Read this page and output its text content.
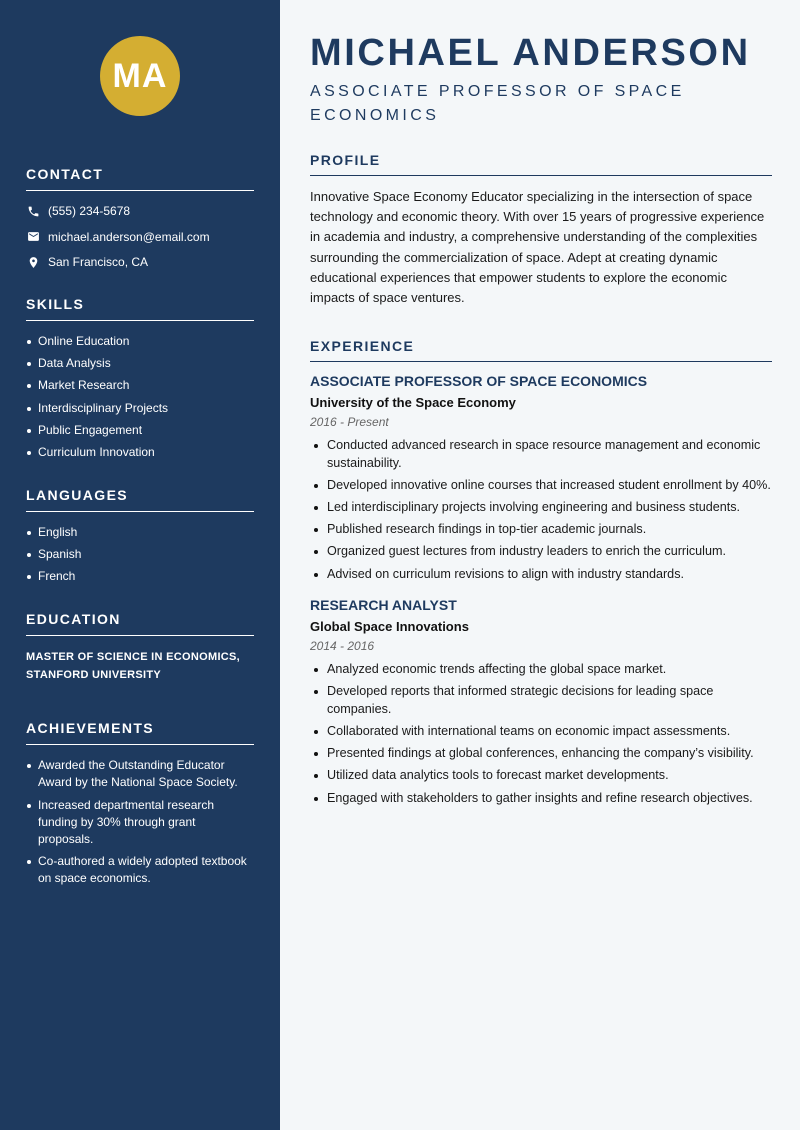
MA
CONTACT
(555) 234-5678
michael.anderson@email.com
San Francisco, CA
SKILLS
Online Education
Data Analysis
Market Research
Interdisciplinary Projects
Public Engagement
Curriculum Innovation
LANGUAGES
English
Spanish
French
EDUCATION

MASTER OF SCIENCE IN ECONOMICS, STANFORD UNIVERSITY

ACHIEVEMENTS
Awarded the Outstanding Educator Award by the National Space Society.
Increased departmental research funding by 30% through grant proposals.
Co-authored a widely adopted textbook on space economics.
MICHAEL ANDERSON
ASSOCIATE PROFESSOR OF SPACE ECONOMICS
PROFILE

Innovative Space Economy Educator specializing in the intersection of space technology and economic theory. With over 15 years of progressive experience in academia and industry, a comprehensive understanding of the complexities surrounding the commercialization of space. Adept at creating dynamic educational experiences that empower students to explore the economic impacts of space ventures.

EXPERIENCE
ASSOCIATE PROFESSOR OF SPACE ECONOMICS
University of the Space Economy
2016 - Present
Conducted advanced research in space resource management and economic sustainability.
Developed innovative online courses that increased student enrollment by 40%.
Led interdisciplinary projects involving engineering and business students.
Published research findings in top-tier academic journals.
Organized guest lectures from industry leaders to enrich the curriculum.
Advised on curriculum revisions to align with industry standards.
RESEARCH ANALYST
Global Space Innovations
2014 - 2016
Analyzed economic trends affecting the global space market.
Developed reports that informed strategic decisions for leading space companies.
Collaborated with international teams on economic impact assessments.
Presented findings at global conferences, enhancing the company’s visibility.
Utilized data analytics tools to forecast market developments.
Engaged with stakeholders to gather insights and refine research objectives.
